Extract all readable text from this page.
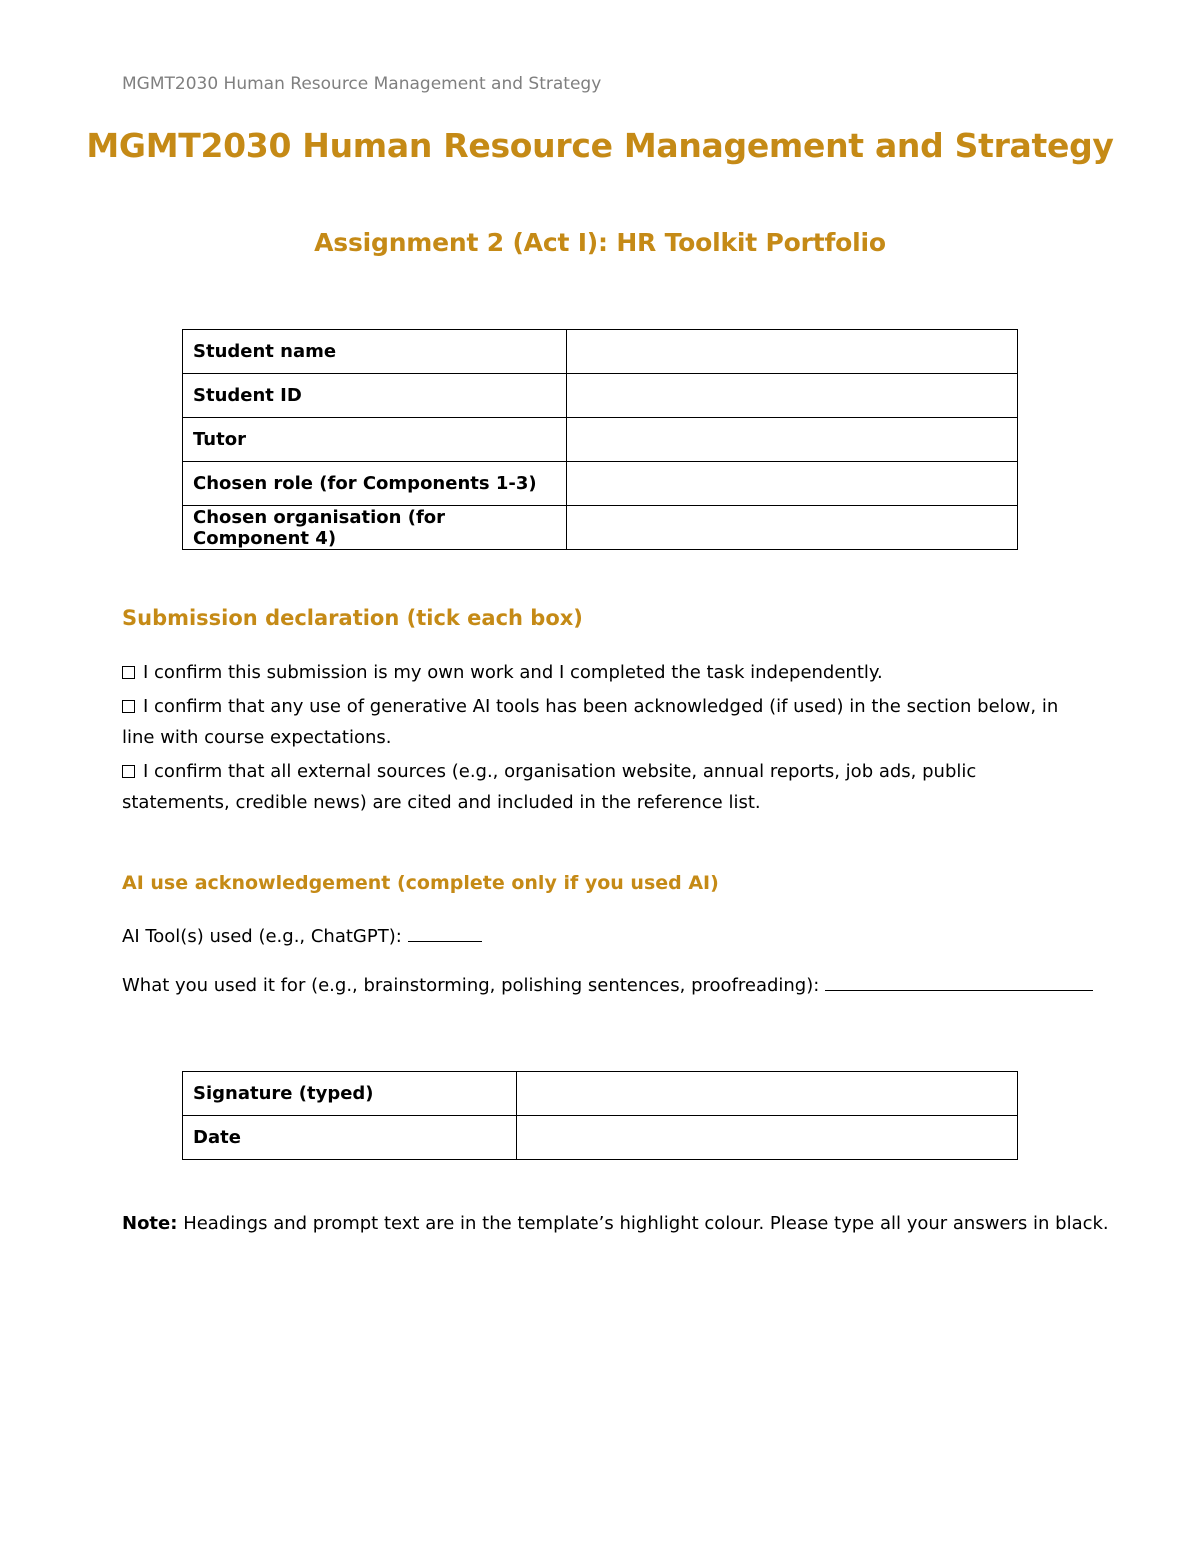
MGMT2030 Human Resource Management and Strategy
MGMT2030 Human Resource Management and Strategy
Assignment 2 (Act I): HR Toolkit Portfolio
Student name	
Student ID	
Tutor	
Chosen role (for Components 1-3)	
Chosen organisation (for Component 4)	
Submission declaration (tick each box)
I confirm this submission is my own work and I completed the task independently.
I confirm that any use of generative AI tools has been acknowledged (if used) in the section below, in line with course expectations.
I confirm that all external sources (e.g., organisation website, annual reports, job ads, public statements, credible news) are cited and included in the reference list.
AI use acknowledgement (complete only if you used AI)
AI Tool(s) used (e.g., ChatGPT):
What you used it for (e.g., brainstorming, polishing sentences, proofreading):
Signature (typed)	
Date	
Note: Headings and prompt text are in the template’s highlight colour. Please type all your answers in black.
